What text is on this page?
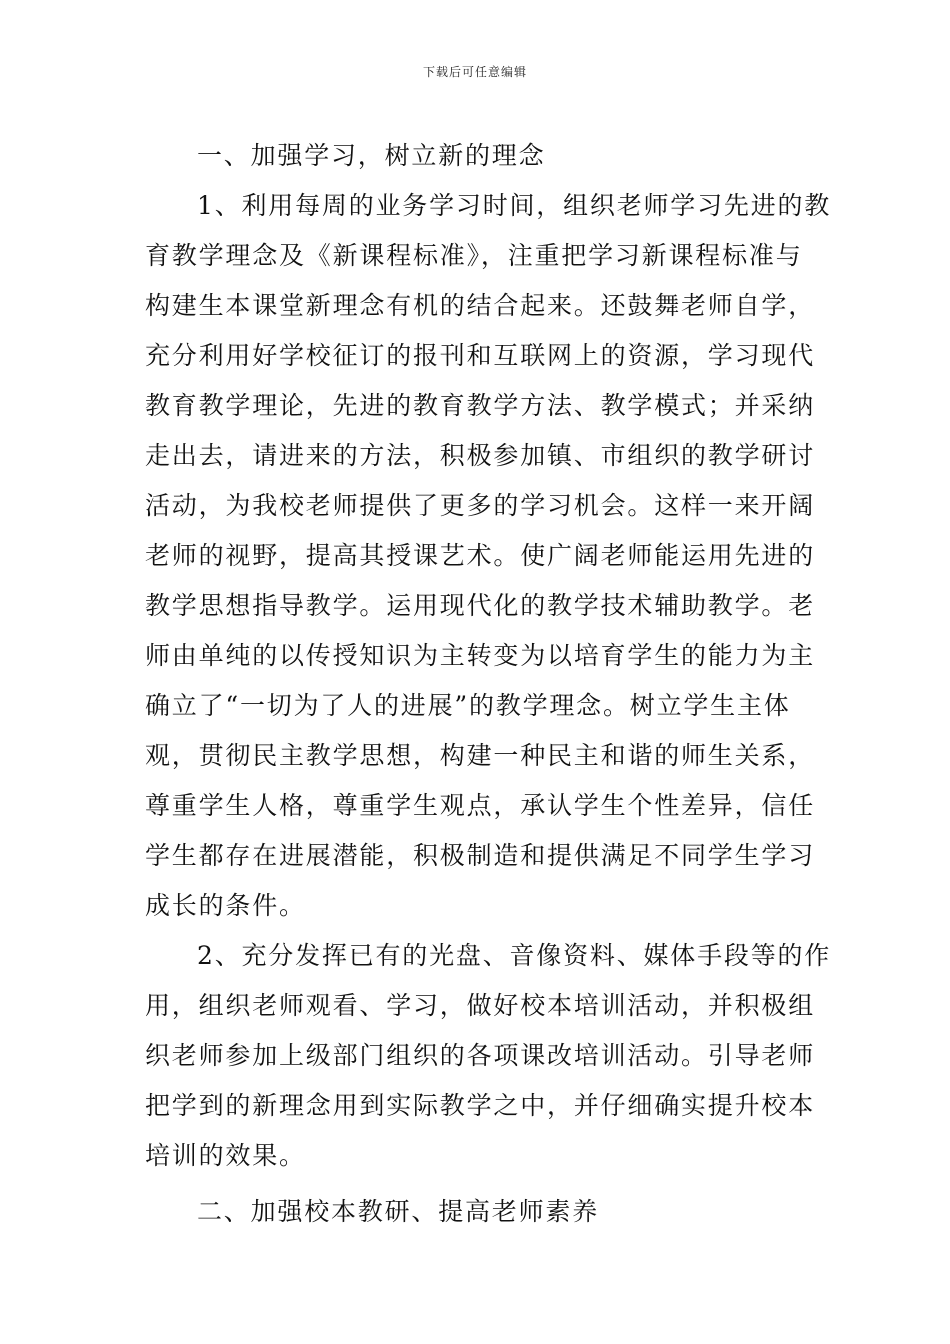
下载后可任意编辑
一、加强学习，树立新的理念
1、利用每周的业务学习时间，组织老师学习先进的教
育教学理念及《新课程标准》，注重把学习新课程标准与
构建生本课堂新理念有机的结合起来。还鼓舞老师自学，
充分利用好学校征订的报刊和互联网上的资源，学习现代
教育教学理论，先进的教育教学方法、教学模式；并采纳
走出去，请进来的方法，积极参加镇、市组织的教学研讨
活动，为我校老师提供了更多的学习机会。这样一来开阔
老师的视野，提高其授课艺术。使广阔老师能运用先进的
教学思想指导教学。运用现代化的教学技术辅助教学。老
师由单纯的以传授知识为主转变为以培育学生的能力为主
确立了“一切为了人的进展”的教学理念。树立学生主体
观，贯彻民主教学思想，构建一种民主和谐的师生关系，
尊重学生人格，尊重学生观点，承认学生个性差异，信任
学生都存在进展潜能，积极制造和提供满足不同学生学习
成长的条件。
2、充分发挥已有的光盘、音像资料、媒体手段等的作
用，组织老师观看、学习，做好校本培训活动，并积极组
织老师参加上级部门组织的各项课改培训活动。引导老师
把学到的新理念用到实际教学之中，并仔细确实提升校本
培训的效果。
二、加强校本教研、提高老师素养
